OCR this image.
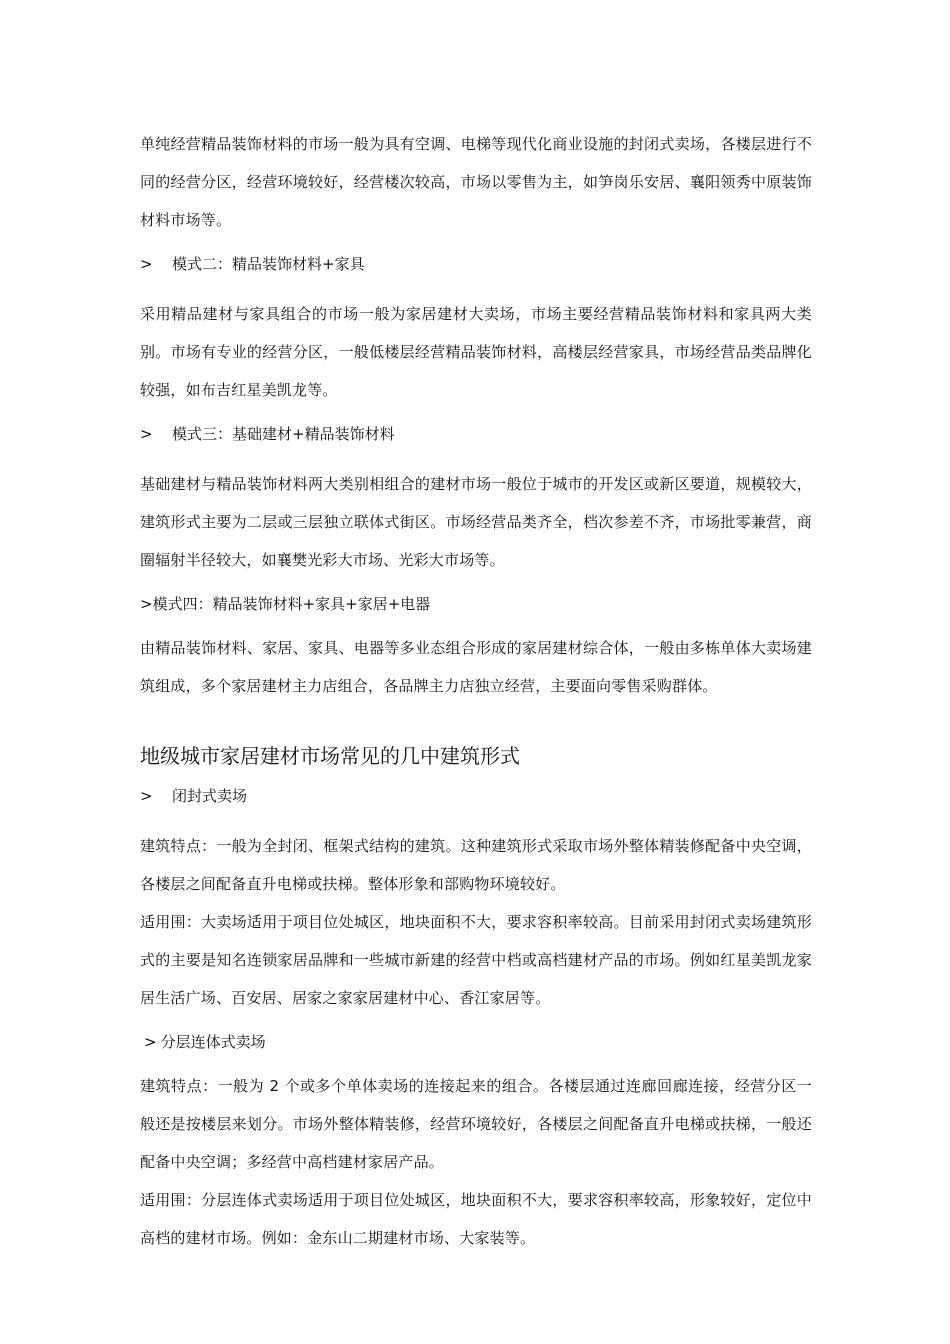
单纯经营精品装饰材料的市场一般为具有空调、电梯等现代化商业设施的封闭式卖场，各楼层进行不同的经营分区，经营环境较好，经营楼次较高，市场以零售为主，如笋岗乐安居、襄阳领秀中原装饰材料市场等。

> 模式二：精品装饰材料+家具

采用精品建材与家具组合的市场一般为家居建材大卖场，市场主要经营精品装饰材料和家具两大类别。市场有专业的经营分区，一般低楼层经营精品装饰材料，高楼层经营家具，市场经营品类品牌化较强，如布吉红星美凯龙等。

> 模式三：基础建材+精品装饰材料

基础建材与精品装饰材料两大类别相组合的建材市场一般位于城市的开发区或新区要道，规模较大，建筑形式主要为二层或三层独立联体式街区。市场经营品类齐全，档次参差不齐，市场批零兼营，商圈辐射半径较大，如襄樊光彩大市场、光彩大市场等。

>模式四：精品装饰材料+家具+家居+电器

由精品装饰材料、家居、家具、电器等多业态组合形成的家居建材综合体，一般由多栋单体大卖场建筑组成，多个家居建材主力店组合，各品牌主力店独立经营，主要面向零售采购群体。

地级城市家居建材市场常见的几中建筑形式

> 闭封式卖场

建筑特点：一般为全封闭、框架式结构的建筑。这种建筑形式采取市场外整体精装修配备中央空调，各楼层之间配备直升电梯或扶梯。整体形象和部购物环境较好。

适用围：大卖场适用于项目位处城区，地块面积不大，要求容积率较高。目前采用封闭式卖场建筑形式的主要是知名连锁家居品牌和一些城市新建的经营中档或高档建材产品的市场。例如红星美凯龙家居生活广场、百安居、居家之家家居建材中心、香江家居等。

> 分层连体式卖场

建筑特点：一般为 2 个或多个单体卖场的连接起来的组合。各楼层通过连廊回廊连接，经营分区一般还是按楼层来划分。市场外整体精装修，经营环境较好，各楼层之间配备直升电梯或扶梯，一般还配备中央空调；多经营中高档建材家居产品。

适用围：分层连体式卖场适用于项目位处城区，地块面积不大，要求容积率较高，形象较好，定位中高档的建材市场。例如：金东山二期建材市场、大家装等。
